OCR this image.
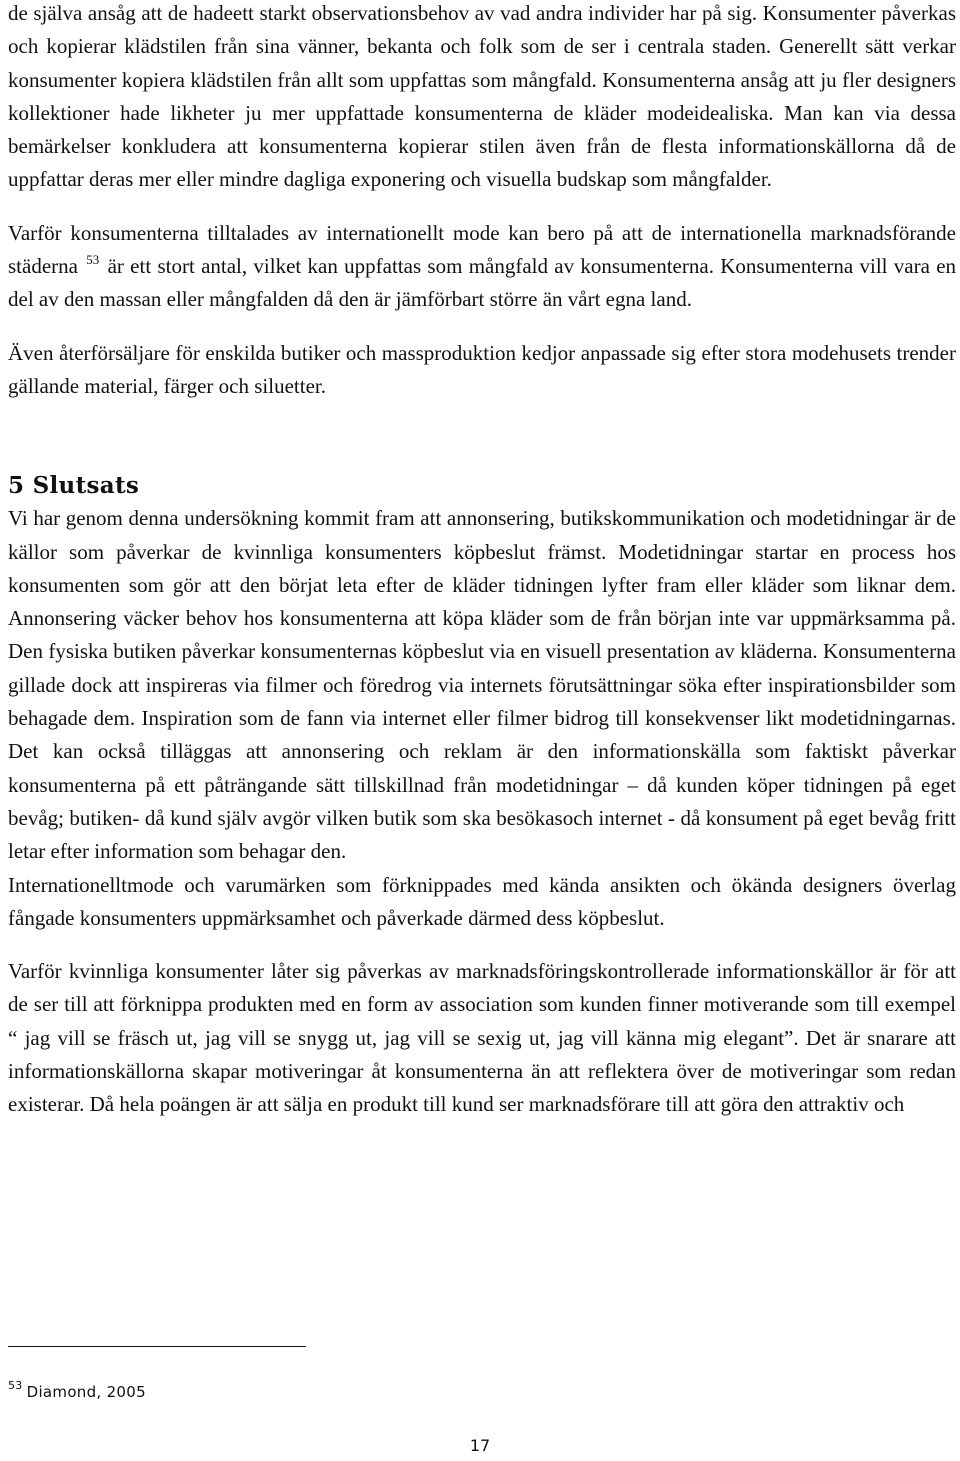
de själva ansåg att de hadeett starkt observationsbehov av vad andra individer har på sig. Konsumenter påverkas och kopierar klädstilen från sina vänner, bekanta och folk som de ser i centrala staden. Generellt sätt verkar konsumenter kopiera klädstilen från allt som uppfattas som mångfald. Konsumenterna ansåg att ju fler designers kollektioner hade likheter ju mer uppfattade konsumenterna de kläder modeidealiska. Man kan via dessa bemärkelser konkludera att konsumenterna kopierar stilen även från de flesta informationskällorna då de uppfattar deras mer eller mindre dagliga exponering och visuella budskap som mångfalder.

Varför konsumenterna tilltalades av internationellt mode kan bero på att de internationella marknadsförande städerna $^{53}$ är ett stort antal, vilket kan uppfattas som mångfald av konsumenterna. Konsumenterna vill vara en del av den massan eller mångfalden då den är jämförbart större än vårt egna land.

Även återförsäljare för enskilda butiker och massproduktion kedjor anpassade sig efter stora modehusets trender gällande material, färger och siluetter.

5 Slutsats

Vi har genom denna undersökning kommit fram att annonsering, butikskommunikation och modetidningar är de källor som påverkar de kvinnliga konsumenters köpbeslut främst. Modetidningar startar en process hos konsumenten som gör att den börjat leta efter de kläder tidningen lyfter fram eller kläder som liknar dem. Annonsering väcker behov hos konsumenterna att köpa kläder som de från början inte var uppmärksamma på. Den fysiska butiken påverkar konsumenternas köpbeslut via en visuell presentation av kläderna. Konsumenterna gillade dock att inspireras via filmer och föredrog via internets förutsättningar söka efter inspirationsbilder som behagade dem. Inspiration som de fann via internet eller filmer bidrog till konsekvenser likt modetidningarnas. Det kan också tilläggas att annonsering och reklam är den informationskälla som faktiskt påverkar konsumenterna på ett påträngande sätt tillskillnad från modetidningar – då kunden köper tidningen på eget bevåg; butiken- då kund själv avgör vilken butik som ska besökasoch internet - då konsument på eget bevåg fritt letar efter information som behagar den.

Internationelltmode och varumärken som förknippades med kända ansikten och ökända designers överlag fångade konsumenters uppmärksamhet och påverkade därmed dess köpbeslut.

Varför kvinnliga konsumenter låter sig påverkas av marknadsföringskontrollerade informationskällor är för att de ser till att förknippa produkten med en form av association som kunden finner motiverande som till exempel “ jag vill se fräsch ut, jag vill se snygg ut, jag vill se sexig ut, jag vill känna mig elegant”. Det är snarare att informationskällorna skapar motiveringar åt konsumenterna än att reflektera över de motiveringar som redan existerar. Då hela poängen är att sälja en produkt till kund ser marknadsförare till att göra den attraktiv och

$^{53}$ Diamond, 2005
17
